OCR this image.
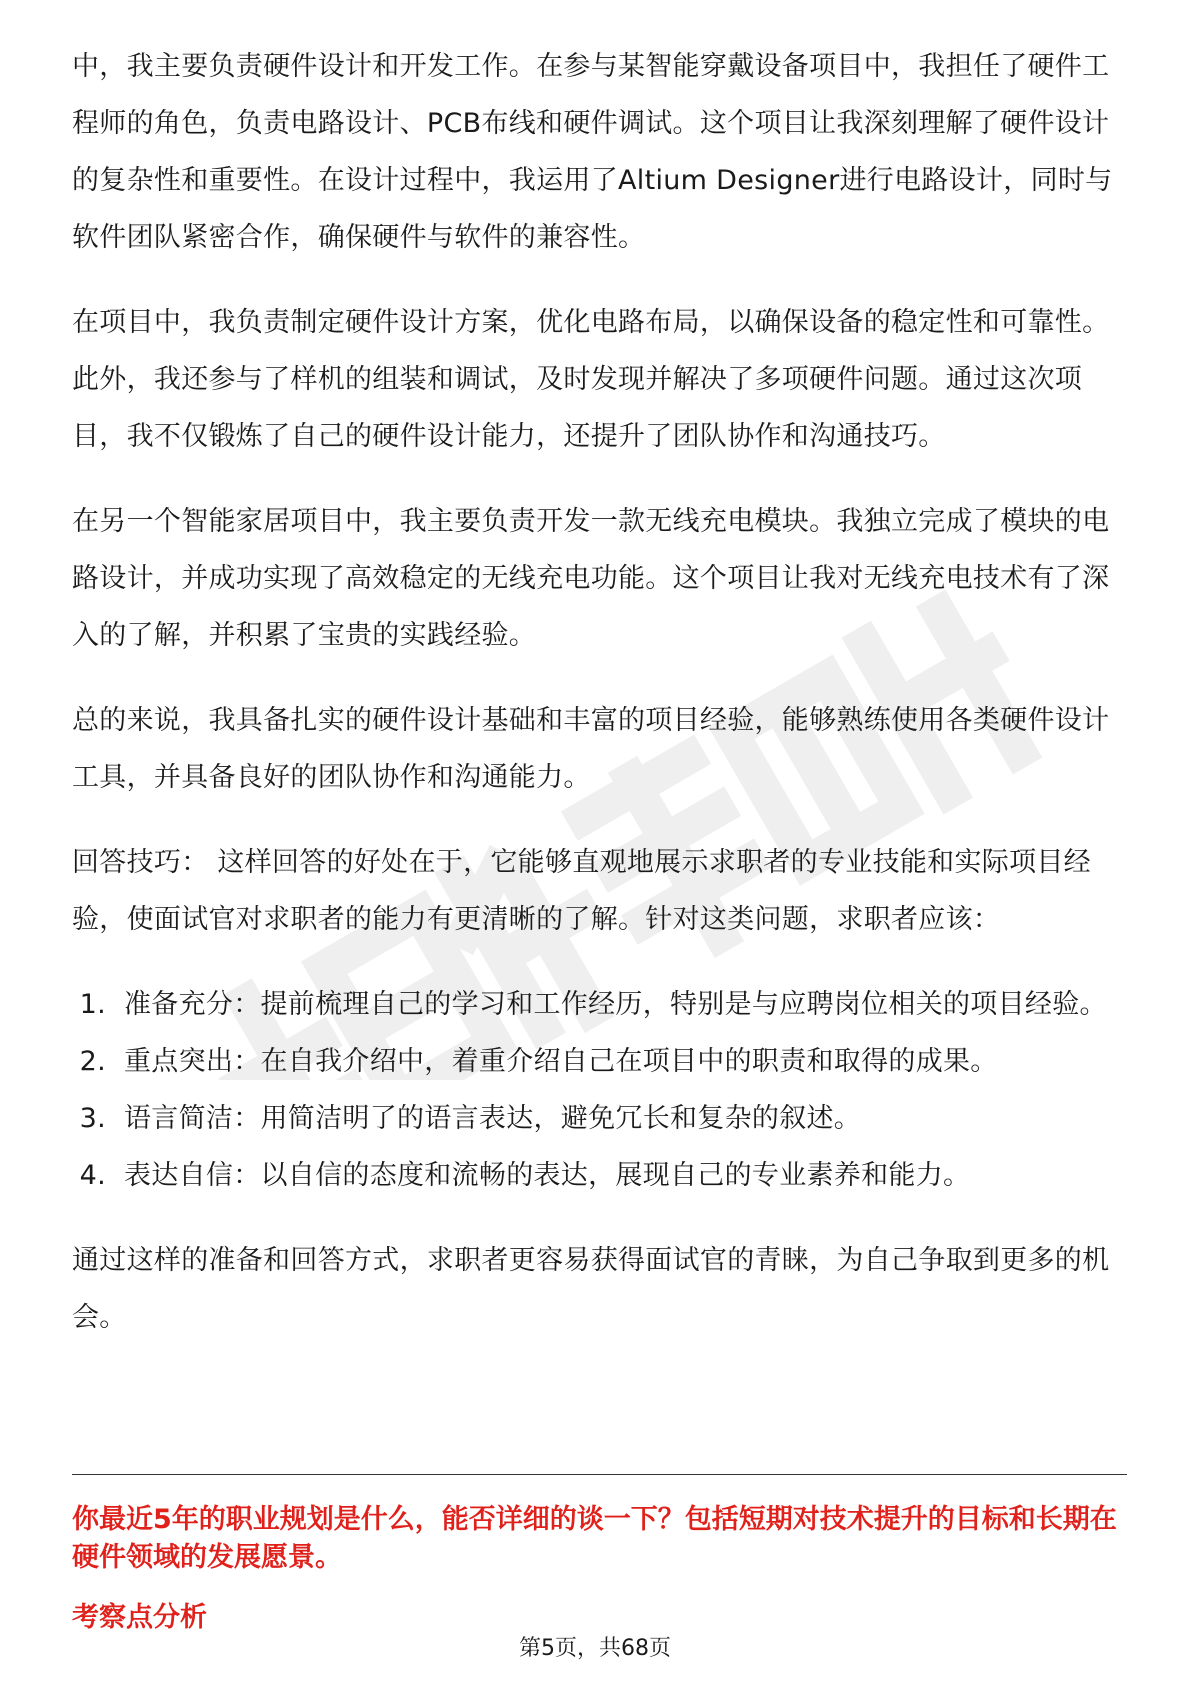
中，我主要负责硬件设计和开发工作。在参与某智能穿戴设备项目中，我担任了硬件工程师的角色，负责电路设计、PCB布线和硬件调试。这个项目让我深刻理解了硬件设计的复杂性和重要性。在设计过程中，我运用了Altium Designer进行电路设计，同时与软件团队紧密合作，确保硬件与软件的兼容性。

在项目中，我负责制定硬件设计方案，优化电路布局，以确保设备的稳定性和可靠性。此外，我还参与了样机的组装和调试，及时发现并解决了多项硬件问题。通过这次项目，我不仅锻炼了自己的硬件设计能力，还提升了团队协作和沟通技巧。

在另一个智能家居项目中，我主要负责开发一款无线充电模块。我独立完成了模块的电路设计，并成功实现了高效稳定的无线充电功能。这个项目让我对无线充电技术有了深入的了解，并积累了宝贵的实践经验。

总的来说，我具备扎实的硬件设计基础和丰富的项目经验，能够熟练使用各类硬件设计工具，并具备良好的团队协作和沟通能力。

回答技巧： 这样回答的好处在于，它能够直观地展示求职者的专业技能和实际项目经验，使面试官对求职者的能力有更清晰的了解。针对这类问题，求职者应该：

1. 准备充分：提前梳理自己的学习和工作经历，特别是与应聘岗位相关的项目经验。
2. 重点突出：在自我介绍中，着重介绍自己在项目中的职责和取得的成果。
3. 语言简洁：用简洁明了的语言表达，避免冗长和复杂的叙述。
4. 表达自信：以自信的态度和流畅的表达，展现自己的专业素养和能力。

通过这样的准备和回答方式，求职者更容易获得面试官的青睐，为自己争取到更多的机会。

你最近5年的职业规划是什么，能否详细的谈一下？包括短期对技术提升的目标和长期在硬件领域的发展愿景。
考察点分析
第5页，共68页
